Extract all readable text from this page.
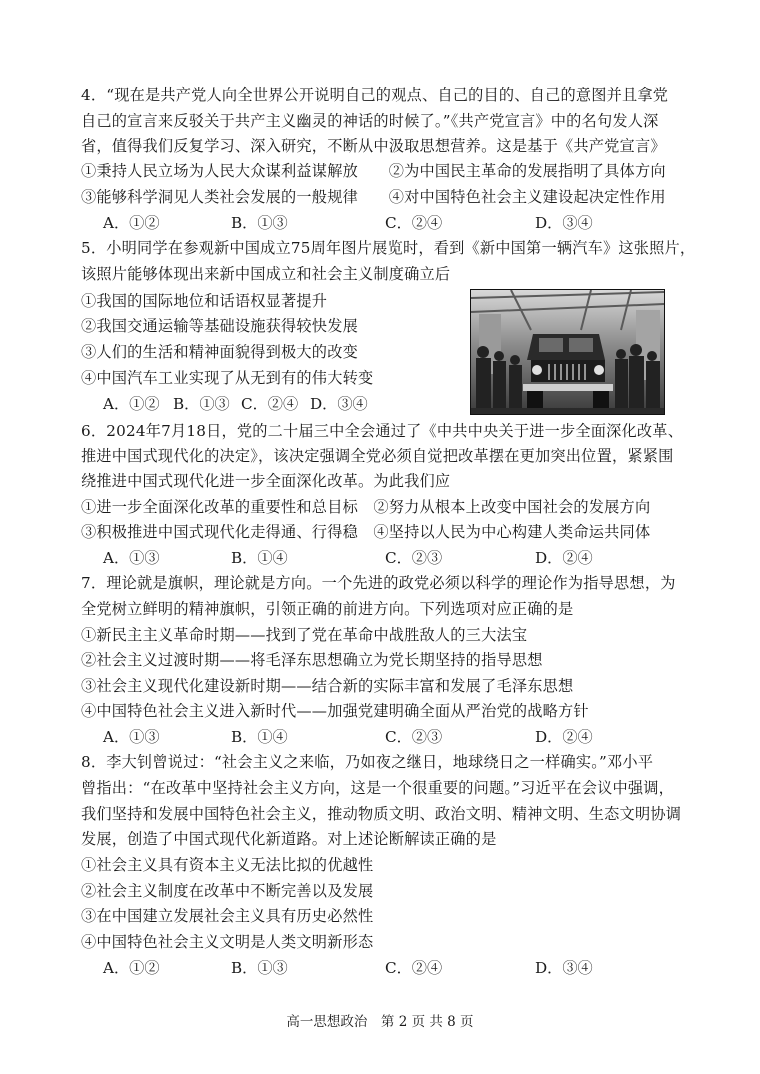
4．“现在是共产党人向全世界公开说明自己的观点、自己的目的、自己的意图并且拿党
自己的宣言来反驳关于共产主义幽灵的神话的时候了。”《共产党宣言》中的名句发人深
省，值得我们反复学习、深入研究，不断从中汲取思想营养。这是基于《共产党宣言》
①秉持人民立场为人民大众谋利益谋解放　　②为中国民主革命的发展指明了具体方向
③能够科学洞见人类社会发展的一般规律　　④对中国特色社会主义建设起决定性作用
A．①②	B．①③	C．②④	D．③④
5．小明同学在参观新中国成立75周年图片展览时，看到《新中国第一辆汽车》这张照片，
该照片能够体现出来新中国成立和社会主义制度确立后
①我国的国际地位和话语权显著提升
②我国交通运输等基础设施获得较快发展
③人们的生活和精神面貌得到极大的改变
④中国汽车工业实现了从无到有的伟大转变
A．①② B．①③ C．②④ D．③④
6．2024年7月18日，党的二十届三中全会通过了《中共中央关于进一步全面深化改革、
推进中国式现代化的决定》，该决定强调全党必须自觉把改革摆在更加突出位置，紧紧围
绕推进中国式现代化进一步全面深化改革。为此我们应
①进一步全面深化改革的重要性和总目标　②努力从根本上改变中国社会的发展方向
③积极推进中国式现代化走得通、行得稳　④坚持以人民为中心构建人类命运共同体
A．①③	B．①④	C．②③	D．②④
7．理论就是旗帜，理论就是方向。一个先进的政党必须以科学的理论作为指导思想，为
全党树立鲜明的精神旗帜，引领正确的前进方向。下列选项对应正确的是
①新民主主义革命时期——找到了党在革命中战胜敌人的三大法宝
②社会主义过渡时期——将毛泽东思想确立为党长期坚持的指导思想
③社会主义现代化建设新时期——结合新的实际丰富和发展了毛泽东思想
④中国特色社会主义进入新时代——加强党建明确全面从严治党的战略方针
A．①③	B．①④	C．②③	D．②④
8．李大钊曾说过：“社会主义之来临，乃如夜之继日，地球绕日之一样确实。”邓小平
曾指出：“在改革中坚持社会主义方向，这是一个很重要的问题。”习近平在会议中强调，
我们坚持和发展中国特色社会主义，推动物质文明、政治文明、精神文明、生态文明协调
发展，创造了中国式现代化新道路。对上述论断解读正确的是
①社会主义具有资本主义无法比拟的优越性
②社会主义制度在改革中不断完善以及发展
③在中国建立发展社会主义具有历史必然性
④中国特色社会主义文明是人类文明新形态
A．①②	B．①③	C．②④	D．③④
高一思想政治　第 2 页 共 8 页
